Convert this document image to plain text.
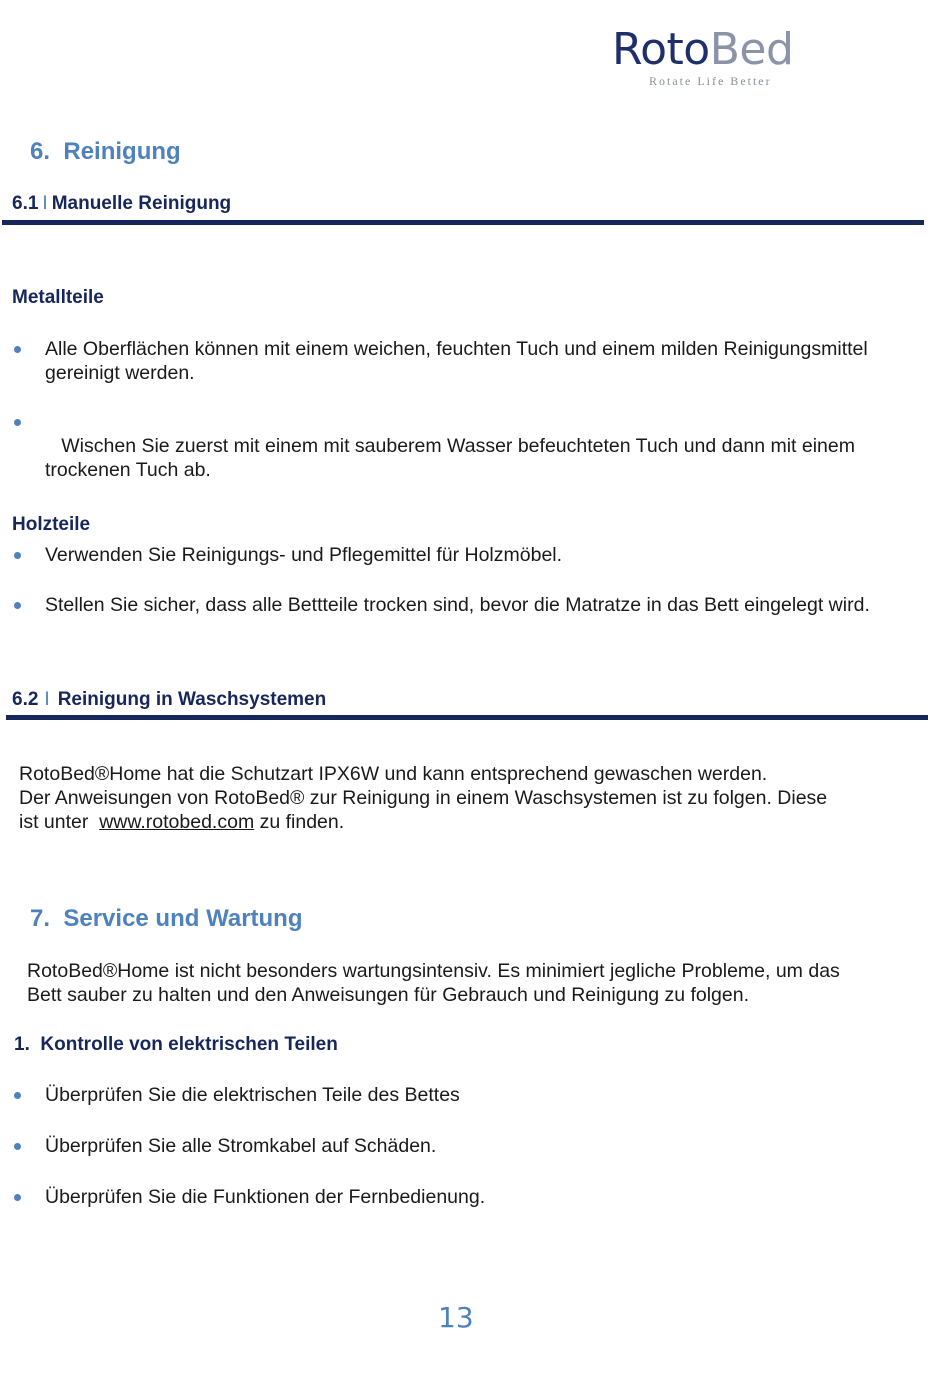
RotoBed
Rotate Life Better
6. Reinigung
6.1 I Manuelle Reinigung
Metallteile
Alle Oberflächen können mit einem weichen, feuchten Tuch und einem milden Reinigungsmittel gereinigt werden.

Wischen Sie zuerst mit einem mit sauberem Wasser befeuchteten Tuch und dann mit einem trockenen Tuch ab.

Holzteile
Verwenden Sie Reinigungs- und Pflegemittel für Holzmöbel.
Stellen Sie sicher, dass alle Bettteile trocken sind, bevor die Matratze in das Bett eingelegt wird.
6.2 I Reinigung in Waschsystemen
RotoBed®Home hat die Schutzart IPX6W und kann entsprechend gewaschen werden.
Der Anweisungen von RotoBed® zur Reinigung in einem Waschsystemen ist zu folgen. Diese
ist unter  www.rotobed.com zu finden.
7. Service und Wartung
RotoBed®Home ist nicht besonders wartungsintensiv. Es minimiert jegliche Probleme, um das
Bett sauber zu halten und den Anweisungen für Gebrauch und Reinigung zu folgen.
1. Kontrolle von elektrischen Teilen
Überprüfen Sie die elektrischen Teile des Bettes
Überprüfen Sie alle Stromkabel auf Schäden.
Überprüfen Sie die Funktionen der Fernbedienung.
13
